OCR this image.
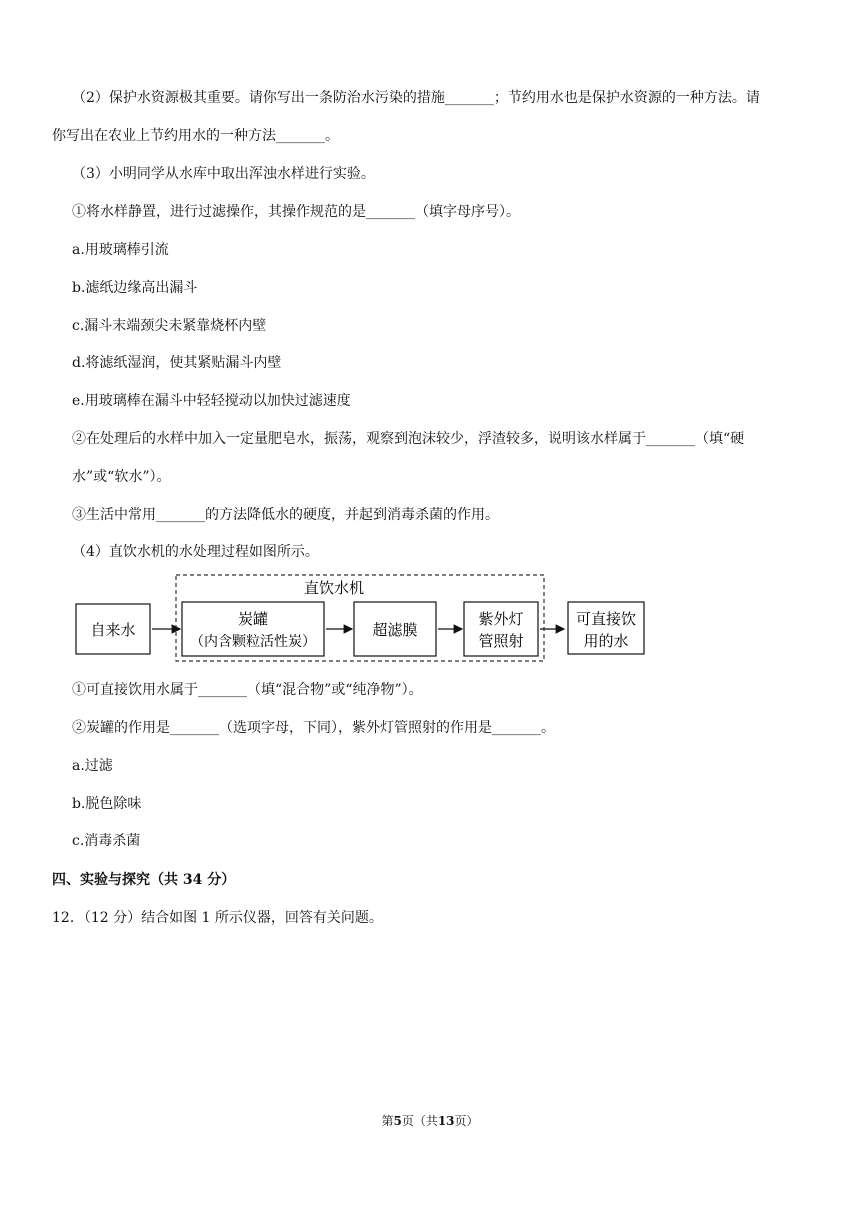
（2）保护水资源极其重要。请你写出一条防治水污染的措施_______；节约用水也是保护水资源的一种方法。请
你写出在农业上节约用水的一种方法_______。
（3）小明同学从水库中取出浑浊水样进行实验。
①将水样静置，进行过滤操作，其操作规范的是_______（填字母序号）。
a.用玻璃棒引流
b.滤纸边缘高出漏斗
c.漏斗末端颈尖未紧靠烧杯内壁
d.将滤纸湿润，使其紧贴漏斗内壁
e.用玻璃棒在漏斗中轻轻搅动以加快过滤速度
②在处理后的水样中加入一定量肥皂水，振荡，观察到泡沫较少，浮渣较多，说明该水样属于_______（填“硬
水”或“软水”）。
③生活中常用_______的方法降低水的硬度，并起到消毒杀菌的作用。
（4）直饮水机的水处理过程如图所示。
直饮水机
自来水
炭罐
（内含颗粒活性炭）
超滤膜
紫外灯
管照射
可直接饮
用的水
①可直接饮用水属于_______（填“混合物”或“纯净物”）。
②炭罐的作用是_______（选项字母，下同），紫外灯管照射的作用是_______。
a.过滤
b.脱色除味
c.消毒杀菌
四、实验与探究（共 34 分）
12．（12 分）结合如图 1 所示仪器，回答有关问题。
第5页（共13页）
